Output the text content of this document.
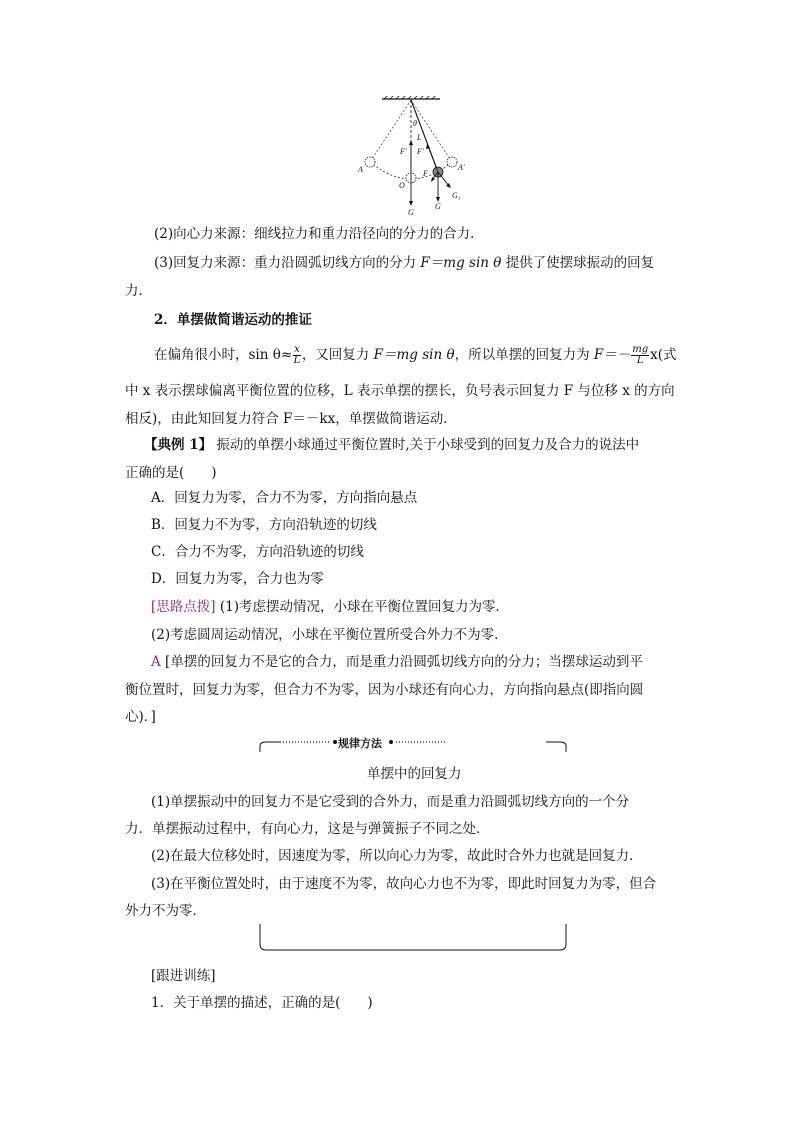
θ
L
F′ F′
A	A′
O
F
G
G
G₁
(2)向心力来源：细线拉力和重力沿径向的分力的合力．
(3)回复力来源：重力沿圆弧切线方向的分力 F＝mg sin θ 提供了使摆球振动的回复
力．
2．单摆做简谐运动的推证
在偏角很小时，$\sin \theta\approx \frac{x}{L}$ ，又回复力 F＝mg sin θ，所以单摆的回复力为 $F=- \frac{mg}{L} x$(式
中 x 表示摆球偏离平衡位置的位移，L 表示单摆的摆长，负号表示回复力 F 与位移 x 的方向
相反)，由此知回复力符合 F＝－kx，单摆做简谐运动．
【典例 1】 振动的单摆小球通过平衡位置时,关于小球受到的回复力及合力的说法中
正确的是(　　)
A．回复力为零，合力不为零，方向指向悬点
B．回复力不为零，方向沿轨迹的切线
C．合力不为零，方向沿轨迹的切线
D．回复力为零，合力也为零
[思路点拨] (1)考虑摆动情况，小球在平衡位置回复力为零．
(2)考虑圆周运动情况，小球在平衡位置所受合外力不为零．
A [单摆的回复力不是它的合力，而是重力沿圆弧切线方向的分力；当摆球运动到平
衡位置时，回复力为零，但合力不为零，因为小球还有向心力，方向指向悬点(即指向圆
心)．]
规律方法
单摆中的回复力
(1)单摆振动中的回复力不是它受到的合外力，而是重力沿圆弧切线方向的一个分
力．单摆振动过程中，有向心力，这是与弹簧振子不同之处．
(2)在最大位移处时，因速度为零，所以向心力为零，故此时合外力也就是回复力．
(3)在平衡位置处时，由于速度不为零，故向心力也不为零，即此时回复力为零，但合
外力不为零．
[跟进训练]
1．关于单摆的描述，正确的是(　　)
